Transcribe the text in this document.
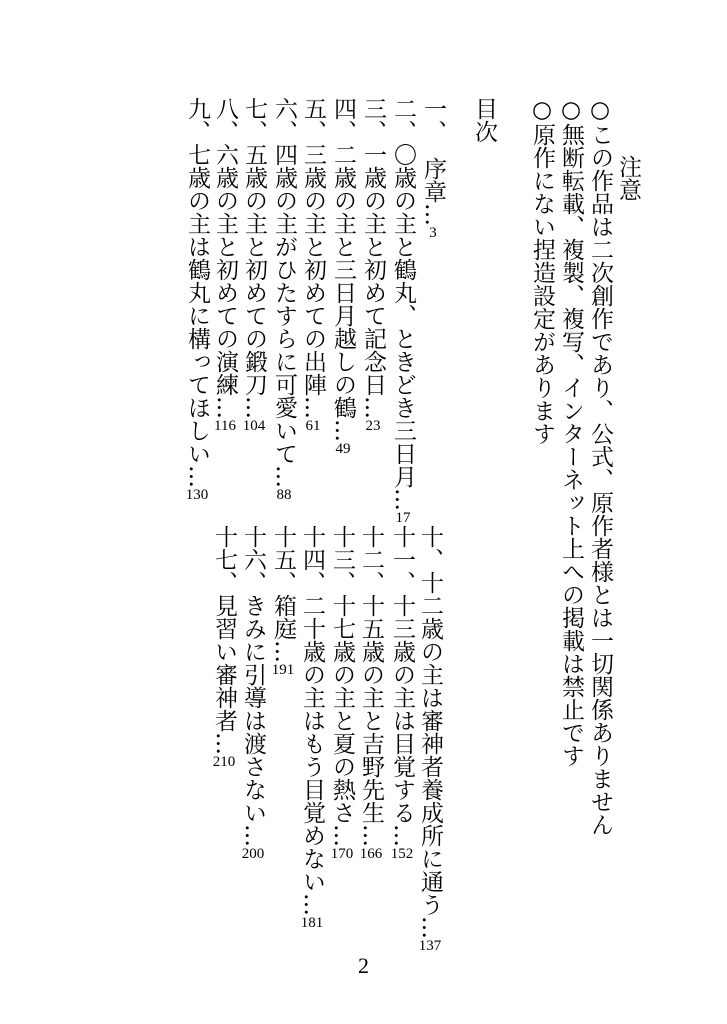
注意
○この作品は二次創作であり、公式、原作者様とは一切関係ありません
○無断転載、複製、複写、インターネット上への掲載は禁止です
○原作にない捏造設定があります
目次
一、序章…3
二、〇歳の主と鶴丸、ときどき三日月…17
三、一歳の主と初めて記念日…23
四、二歳の主と三日月越しの鶴…49
五、三歳の主と初めての出陣…61
六、四歳の主がひたすらに可愛いて…88
七、五歳の主と初めての鍛刀…104
八、六歳の主と初めての演練…116
九、七歳の主は鶴丸に構ってほしい…130
十、十二歳の主は審神者養成所に通う…137
十一、十三歳の主は目覚する…152
十二、十五歳の主と吉野先生…166
十三、十七歳の主と夏の熱さ…170
十四、二十歳の主はもう目覚めない…181
十五、箱庭…191
十六、きみに引導は渡さない…200
十七、見習い審神者…210
2
